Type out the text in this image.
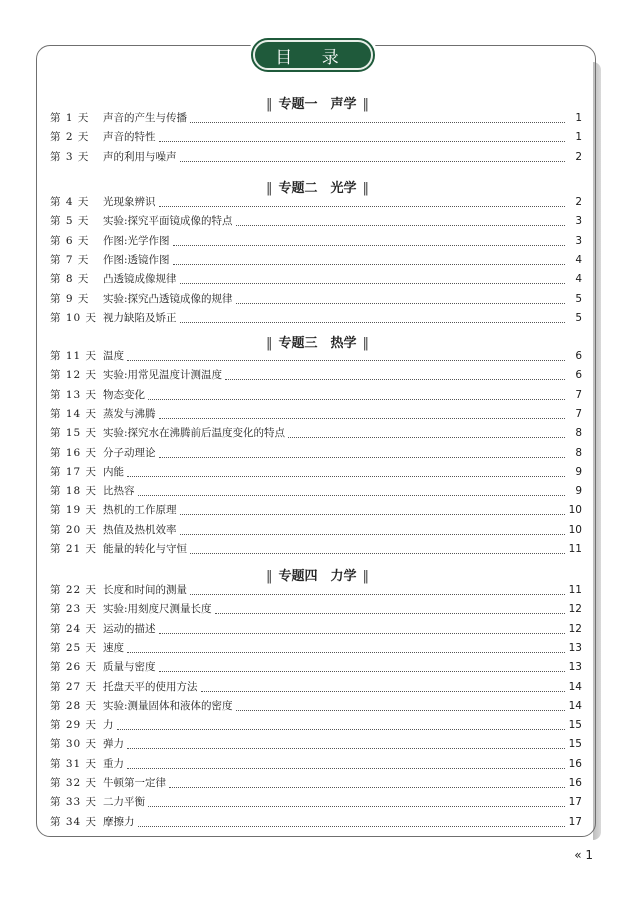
目 录
‖ 专题一　声学 ‖
第 1 天	声音的产生与传播	1
第 2 天	声音的特性	1
第 3 天	声的利用与噪声	2
‖ 专题二　光学 ‖
第 4 天	光现象辨识	2
第 5 天	实验:探究平面镜成像的特点	3
第 6 天	作图:光学作图	3
第 7 天	作图:透镜作图	4
第 8 天	凸透镜成像规律	4
第 9 天	实验:探究凸透镜成像的规律	5
第 10 天 视力缺陷及矫正	5
‖ 专题三　热学 ‖
第 11 天 温度	6
第 12 天 实验:用常见温度计测温度	6
第 13 天 物态变化	7
第 14 天 蒸发与沸腾	7
第 15 天 实验:探究水在沸腾前后温度变化的特点	8
第 16 天 分子动理论	8
第 17 天 内能	9
第 18 天 比热容	9
第 19 天 热机的工作原理	10
第 20 天 热值及热机效率	10
第 21 天 能量的转化与守恒	11
‖ 专题四　力学 ‖
第 22 天 长度和时间的测量	11
第 23 天 实验:用刻度尺测量长度	12
第 24 天 运动的描述	12
第 25 天 速度	13
第 26 天 质量与密度	13
第 27 天 托盘天平的使用方法	14
第 28 天 实验:测量固体和液体的密度	14
第 29 天 力	15
第 30 天 弹力	15
第 31 天 重力	16
第 32 天 牛顿第一定律	16
第 33 天 二力平衡	17
第 34 天 摩擦力	17
« 1
